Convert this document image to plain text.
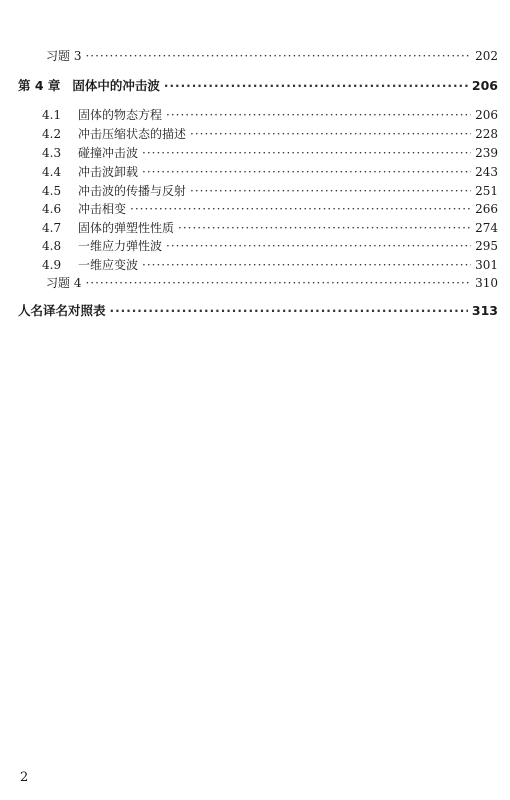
习题 3 ·····	202
第 4 章 固体中的冲击波 ·····	206
4.1	固体的物态方程 ·····	206
4.2	冲击压缩状态的描述 ·····	228
4.3	碰撞冲击波 ·····	239
4.4	冲击波卸载 ·····	243
4.5	冲击波的传播与反射 ·····	251
4.6	冲击相变 ·····	266
4.7	固体的弹塑性性质 ·····	274
4.8	一维应力弹性波 ·····	295
4.9	一维应变波 ·····	301
习题 4 ·····	310
人名译名对照表 ·····	313
2
